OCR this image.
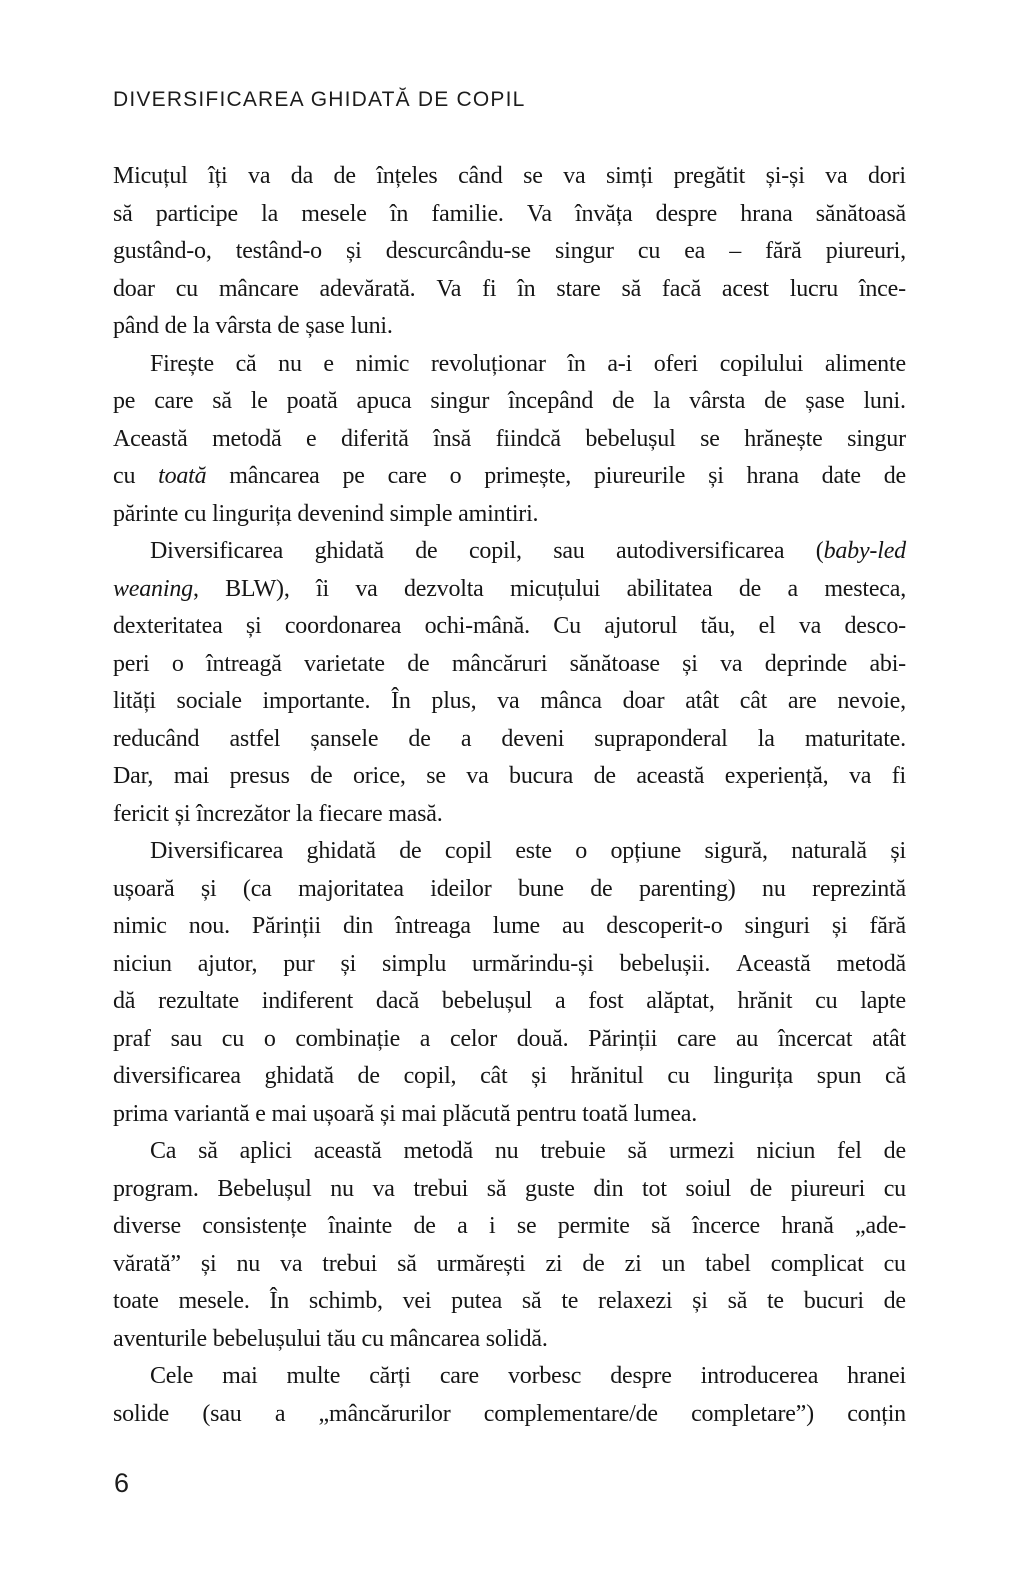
DIVERSIFICAREA GHIDATĂ DE COPIL
Micuțul îți va da de înțeles când se va simți pregătit și-și va dori
să participe la mesele în familie. Va învăța despre hrana sănătoasă
gustând-o, testând-o și descurcându-se singur cu ea – fără piureuri,
doar cu mâncare adevărată. Va fi în stare să facă acest lucru înce-
pând de la vârsta de șase luni.
Firește că nu e nimic revoluționar în a-i oferi copilului alimente
pe care să le poată apuca singur începând de la vârsta de șase luni.
Această metodă e diferită însă fiindcă bebelușul se hrănește singur
cu toată mâncarea pe care o primește, piureurile și hrana date de
părinte cu lingurița devenind simple amintiri.
Diversificarea ghidată de copil, sau autodiversificarea (baby-led
weaning, BLW), îi va dezvolta micuțului abilitatea de a mesteca,
dexteritatea și coordonarea ochi-mână. Cu ajutorul tău, el va desco-
peri o întreagă varietate de mâncăruri sănătoase și va deprinde abi-
lități sociale importante. În plus, va mânca doar atât cât are nevoie,
reducând astfel șansele de a deveni supraponderal la maturitate.
Dar, mai presus de orice, se va bucura de această experiență, va fi
fericit și încrezător la fiecare masă.
Diversificarea ghidată de copil este o opțiune sigură, naturală și
ușoară și (ca majoritatea ideilor bune de parenting) nu reprezintă
nimic nou. Părinții din întreaga lume au descoperit-o singuri și fără
niciun ajutor, pur și simplu urmărindu-și bebelușii. Această metodă
dă rezultate indiferent dacă bebelușul a fost alăptat, hrănit cu lapte
praf sau cu o combinație a celor două. Părinții care au încercat atât
diversificarea ghidată de copil, cât și hrănitul cu lingurița spun că
prima variantă e mai ușoară și mai plăcută pentru toată lumea.
Ca să aplici această metodă nu trebuie să urmezi niciun fel de
program. Bebelușul nu va trebui să guste din tot soiul de piureuri cu
diverse consistențe înainte de a i se permite să încerce hrană „ade-
vărată” și nu va trebui să urmărești zi de zi un tabel complicat cu
toate mesele. În schimb, vei putea să te relaxezi și să te bucuri de
aventurile bebelușului tău cu mâncarea solidă.
Cele mai multe cărți care vorbesc despre introducerea hranei
solide (sau a „mâncărurilor complementare/de completare”) conțin
6
